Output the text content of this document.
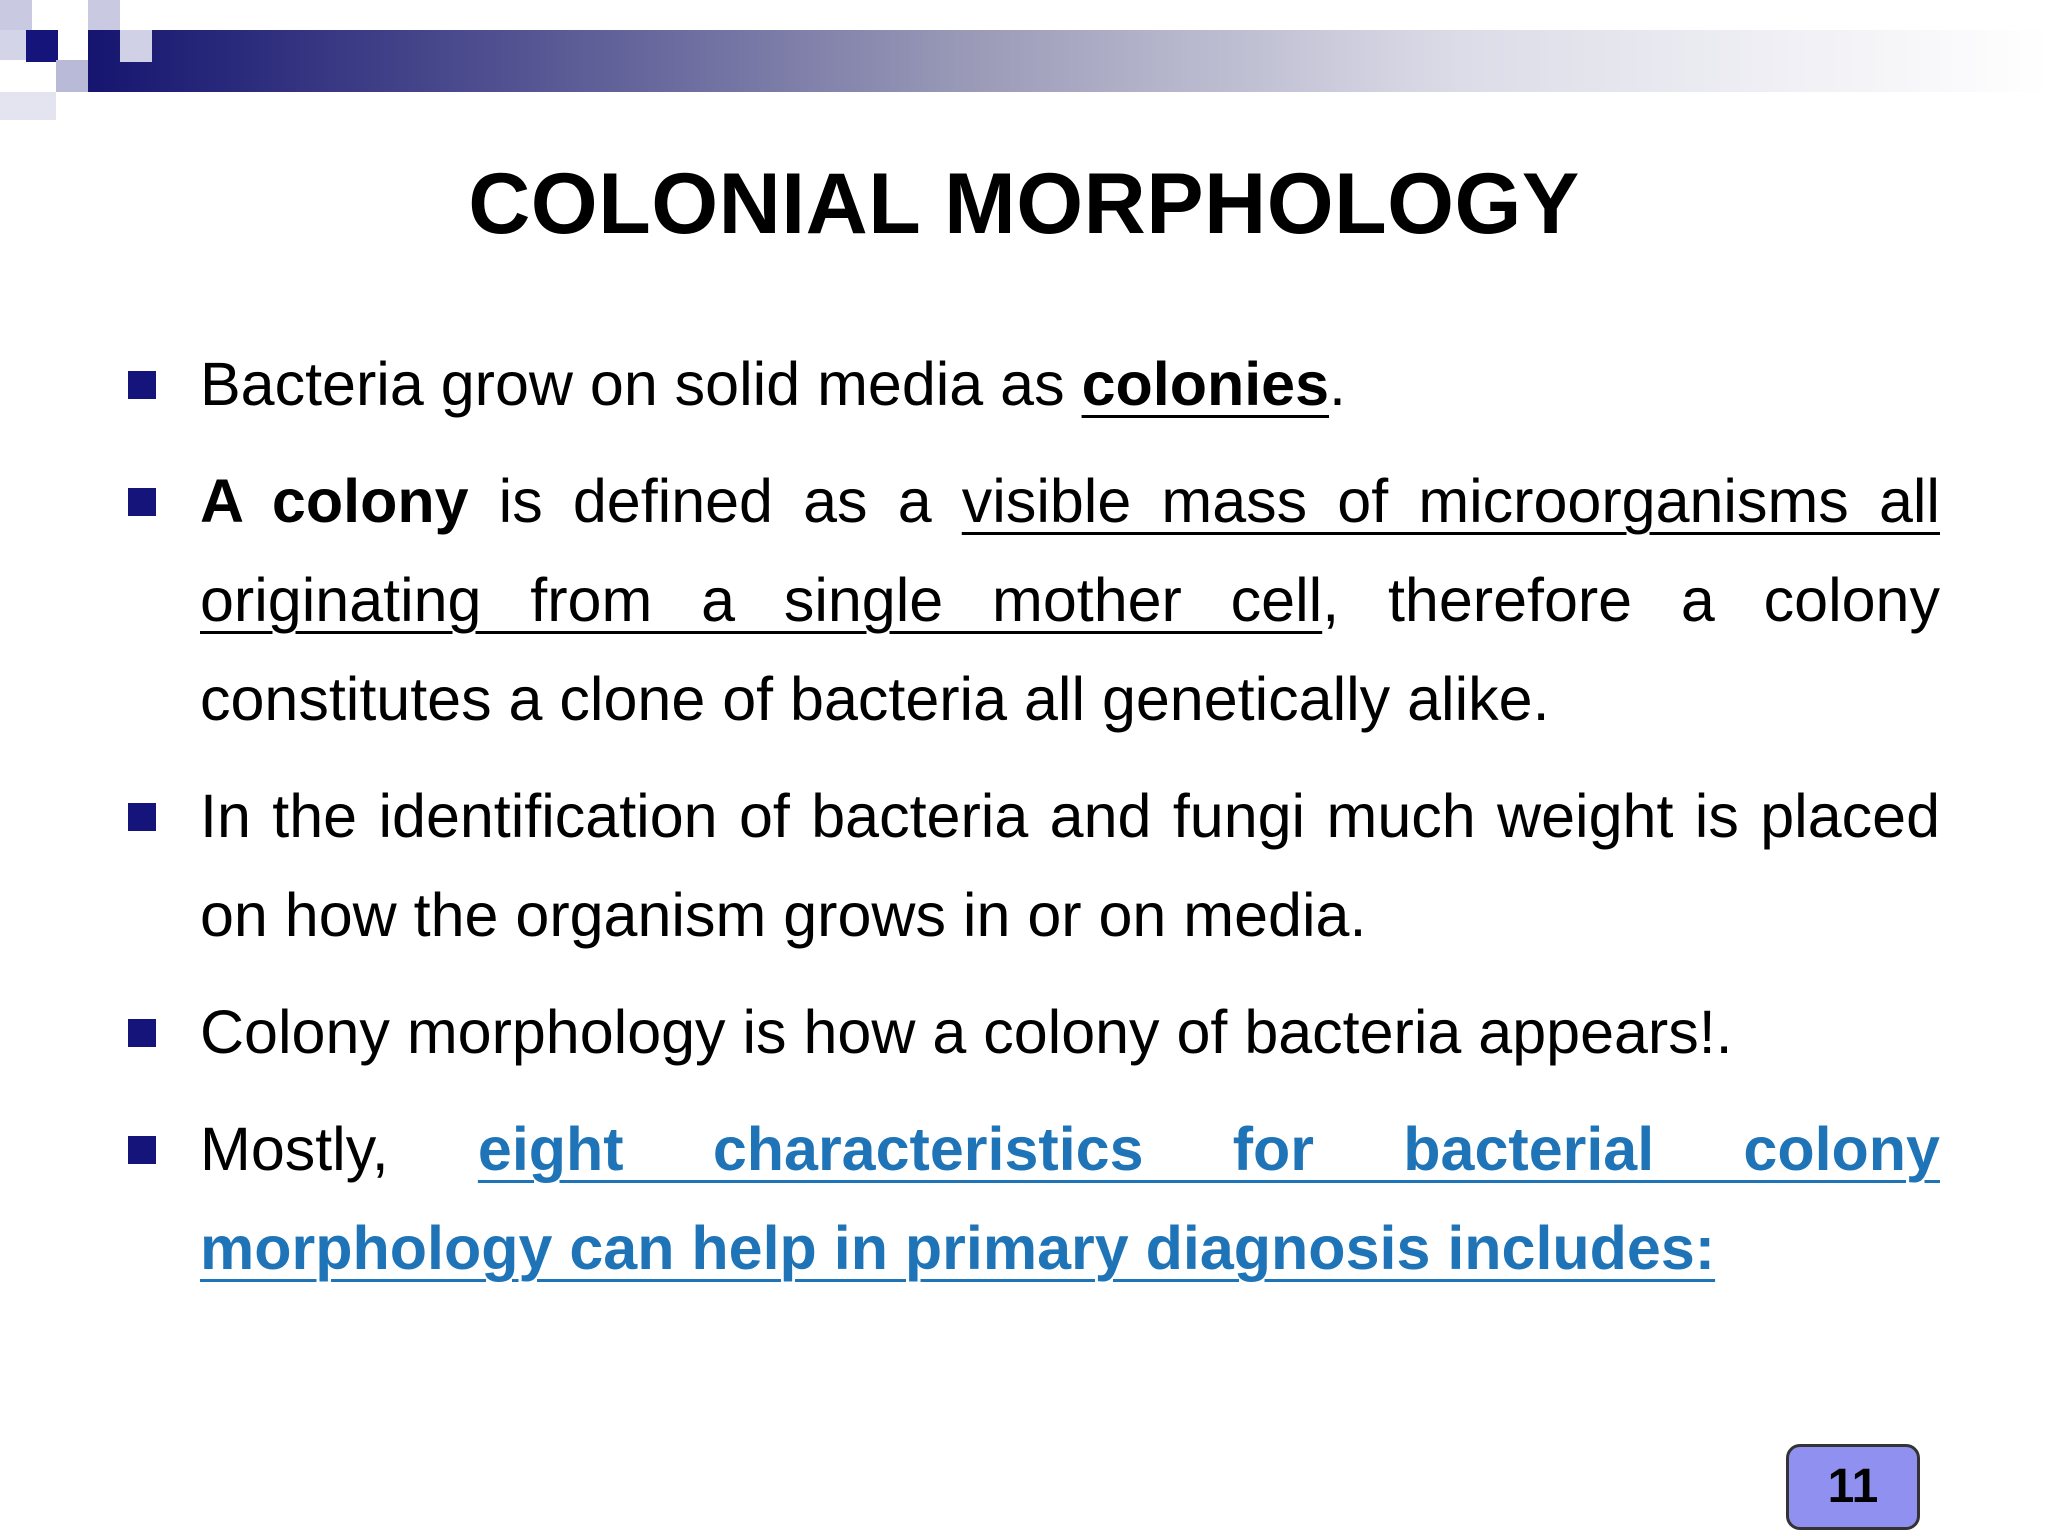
COLONIAL MORPHOLOGY
Bacteria grow on solid media as colonies.
A colony is defined as a visible mass of microorganisms all originating from a single mother cell, therefore a colony constitutes a clone of bacteria all genetically alike.
In the identification of bacteria and fungi much weight is placed on how the organism grows in or on media.
Colony morphology is how a colony of bacteria appears!.
Mostly, eight characteristics for bacterial colony morphology can help in primary diagnosis includes:
11
